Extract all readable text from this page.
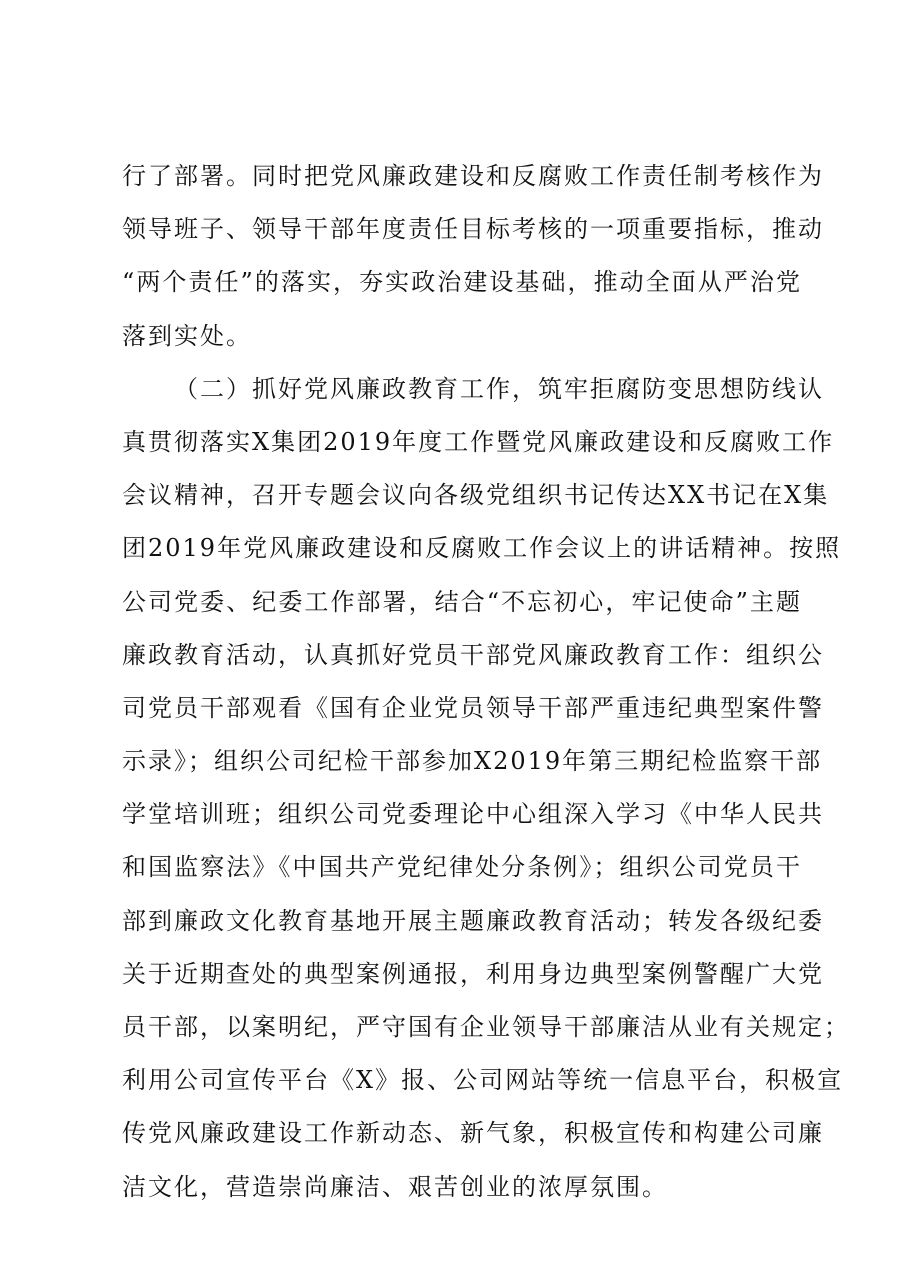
行了部署。同时把党风廉政建设和反腐败工作责任制考核作为
领导班子、领导干部年度责任目标考核的一项重要指标，推动
“两个责任”的落实，夯实政治建设基础，推动全面从严治党
落到实处。
（二）抓好党风廉政教育工作，筑牢拒腐防变思想防线认
真贯彻落实X集团2019年度工作暨党风廉政建设和反腐败工作
会议精神，召开专题会议向各级党组织书记传达XX书记在X集
团2019年党风廉政建设和反腐败工作会议上的讲话精神。按照
公司党委、纪委工作部署，结合“不忘初心，牢记使命”主题
廉政教育活动，认真抓好党员干部党风廉政教育工作：组织公
司党员干部观看《国有企业党员领导干部严重违纪典型案件警
示录》；组织公司纪检干部参加X2019年第三期纪检监察干部
学堂培训班；组织公司党委理论中心组深入学习《中华人民共
和国监察法》《中国共产党纪律处分条例》；组织公司党员干
部到廉政文化教育基地开展主题廉政教育活动；转发各级纪委
关于近期查处的典型案例通报，利用身边典型案例警醒广大党
员干部，以案明纪，严守国有企业领导干部廉洁从业有关规定；
利用公司宣传平台《X》报、公司网站等统一信息平台，积极宣
传党风廉政建设工作新动态、新气象，积极宣传和构建公司廉
洁文化，营造崇尚廉洁、艰苦创业的浓厚氛围。
